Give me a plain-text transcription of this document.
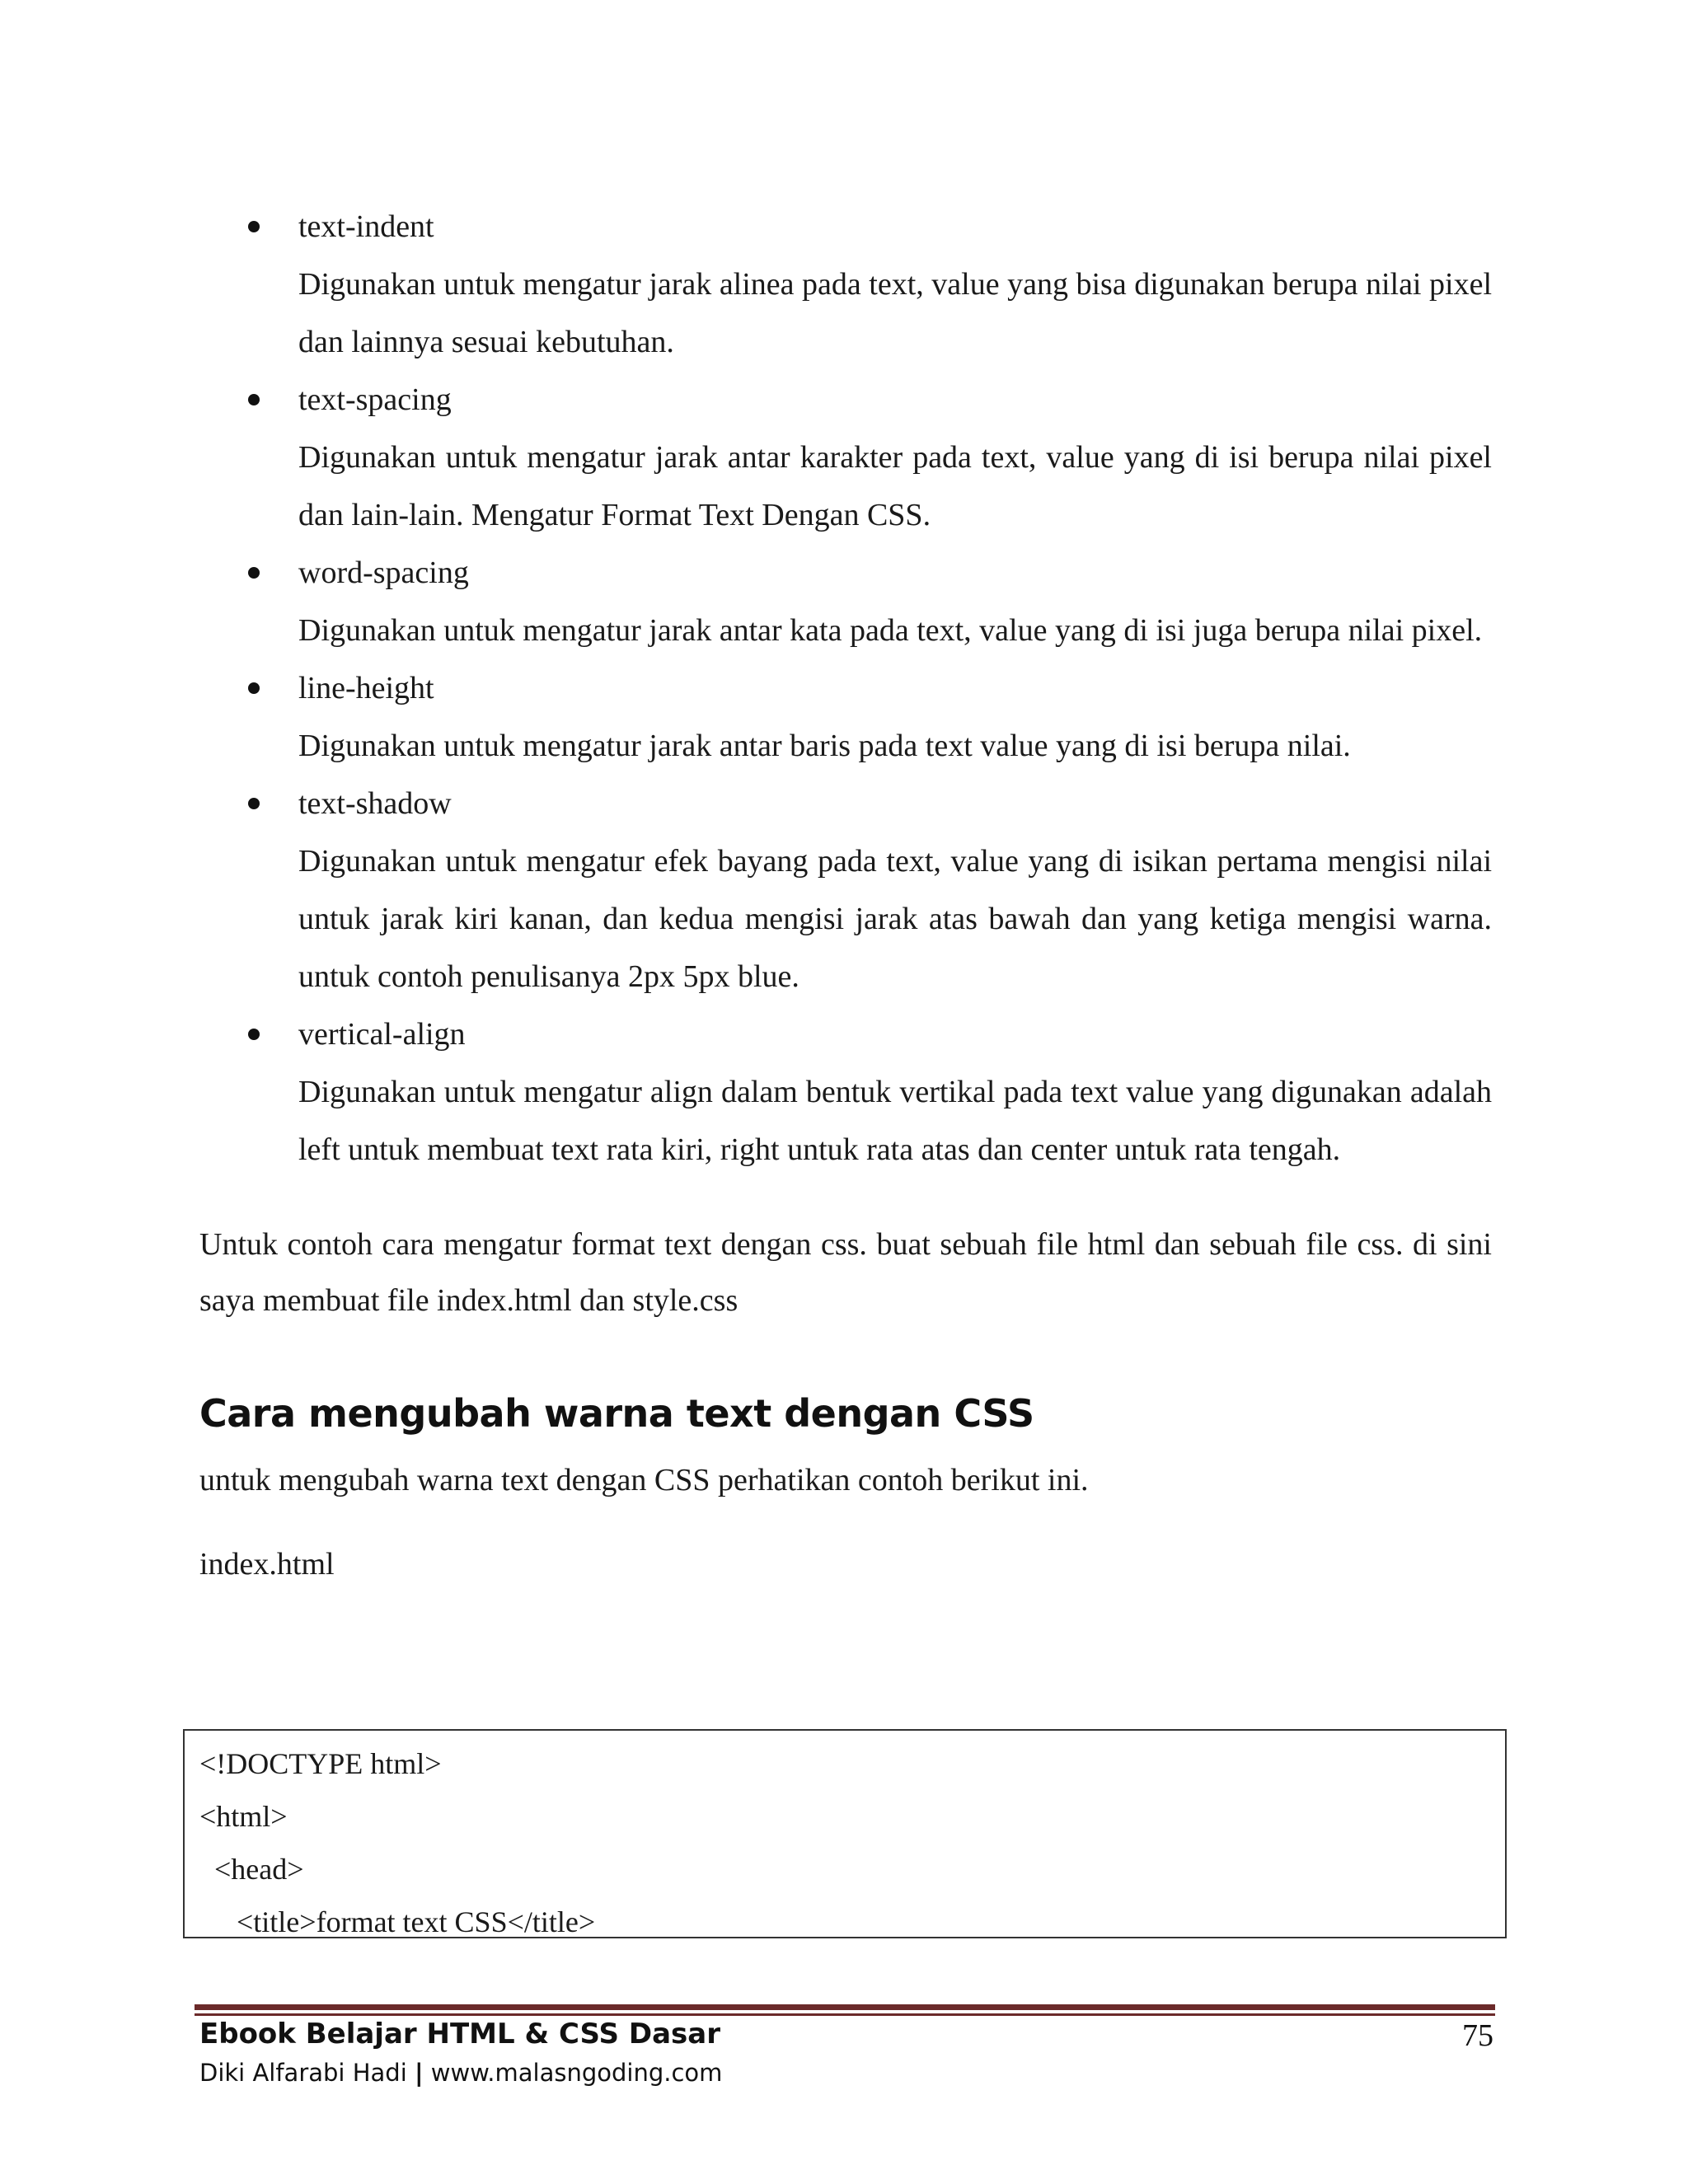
text-indent
Digunakan untuk mengatur jarak alinea pada text, value yang bisa digunakan berupa nilai pixel dan lainnya sesuai kebutuhan.
text-spacing
Digunakan untuk mengatur jarak antar karakter pada text, value yang di isi berupa nilai pixel dan lain-lain. Mengatur Format Text Dengan CSS.
word-spacing
Digunakan untuk mengatur jarak antar kata pada text, value yang di isi juga berupa nilai pixel.
line-height
Digunakan untuk mengatur jarak antar baris pada text value yang di isi berupa nilai.
text-shadow
Digunakan untuk mengatur efek bayang pada text, value yang di isikan pertama mengisi nilai untuk jarak kiri kanan, dan kedua mengisi jarak atas bawah dan yang ketiga mengisi warna. untuk contoh penulisanya 2px 5px blue.
vertical-align
Digunakan untuk mengatur align dalam bentuk vertikal pada text value yang digunakan adalah left untuk membuat text rata kiri, right untuk rata atas dan center untuk rata tengah.

Untuk contoh cara mengatur format text dengan css. buat sebuah file html dan sebuah file css. di sini saya membuat file index.html dan style.css

Cara mengubah warna text dengan CSS

untuk mengubah warna text dengan CSS perhatikan contoh berikut ini.

index.html

<!DOCTYPE html>
<html>
<head>
<title>format text CSS</title>
Ebook Belajar HTML & CSS Dasar	75
Diki Alfarabi Hadi | www.malasngoding.com
